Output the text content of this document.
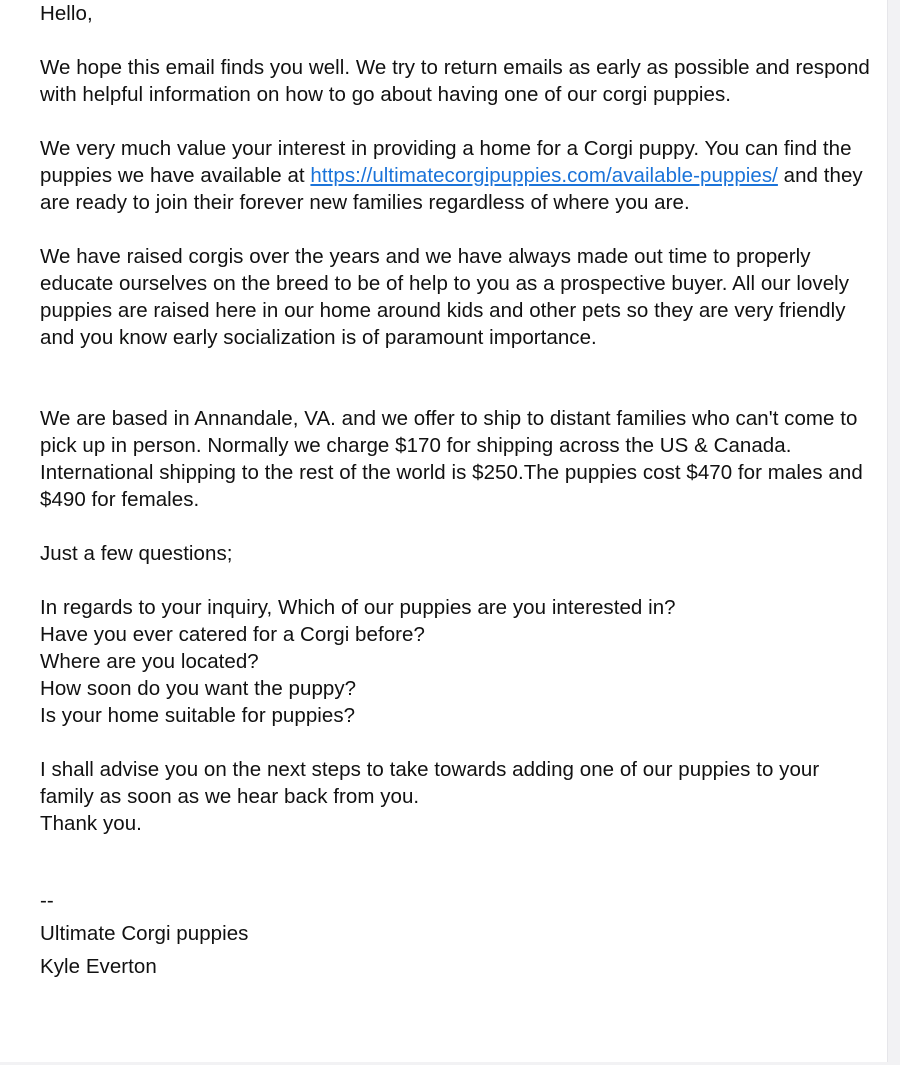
Hello,

We hope this email finds you well. We try to return emails as early as possible and respond with helpful information on how to go about having one of our corgi puppies.

We very much value your interest in providing a home for a Corgi puppy. You can find the puppies we have available at https://ultimatecorgipuppies.com/available-puppies/ and they are ready to join their forever new families regardless of where you are.

We have raised corgis over the years and we have always made out time to properly educate ourselves on the breed to be of help to you as a prospective buyer. All our lovely puppies are raised here in our home around kids and other pets so they are very friendly and you know early socialization is of paramount importance.

We are based in Annandale, VA. and we offer to ship to distant families who can't come to pick up in person. Normally we charge $170 for shipping across the US & Canada. International shipping to the rest of the world is $250.The puppies cost $470 for males and $490 for females.

Just a few questions;

In regards to your inquiry, Which of our puppies are you interested in?

Have you ever catered for a Corgi before?

Where are you located?

How soon do you want the puppy?

Is your home suitable for puppies?

I shall advise you on the next steps to take towards adding one of our puppies to your family as soon as we hear back from you.

Thank you.

--

Ultimate Corgi puppies

Kyle Everton
